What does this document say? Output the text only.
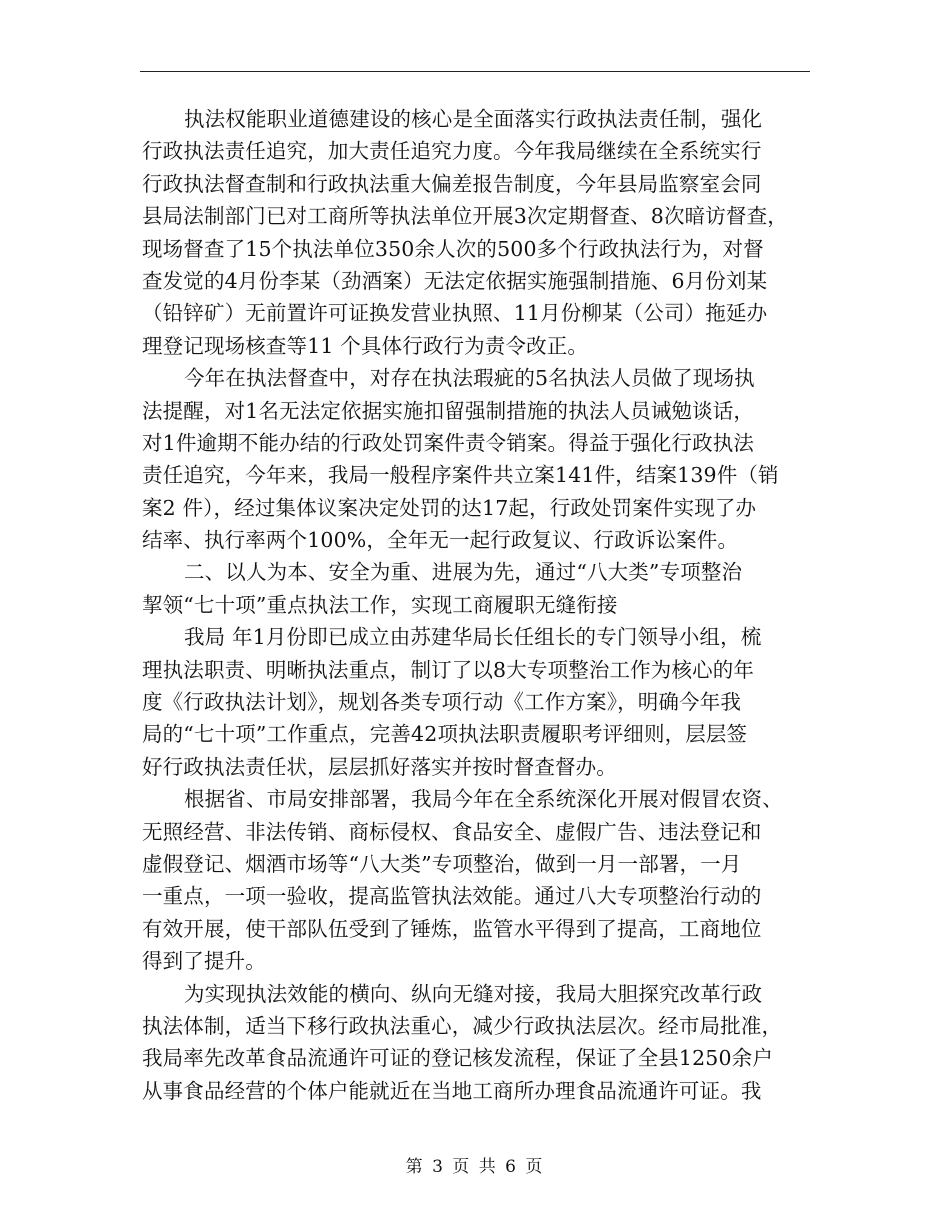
执法权能职业道德建设的核心是全面落实行政执法责任制，强化
行政执法责任追究，加大责任追究力度。今年我局继续在全系统实行
行政执法督查制和行政执法重大偏差报告制度，今年县局监察室会同
县局法制部门已对工商所等执法单位开展3次定期督查、8次暗访督查，
现场督查了15个执法单位350余人次的500多个行政执法行为，对督
查发觉的4月份李某（劲酒案）无法定依据实施强制措施、6月份刘某
（铅锌矿）无前置许可证换发营业执照、11月份柳某（公司）拖延办
理登记现场核查等11 个具体行政行为责令改正。
今年在执法督查中，对存在执法瑕疵的5名执法人员做了现场执
法提醒，对1名无法定依据实施扣留强制措施的执法人员诫勉谈话，
对1件逾期不能办结的行政处罚案件责令销案。得益于强化行政执法
责任追究，今年来，我局一般程序案件共立案141件，结案139件（销
案2 件），经过集体议案决定处罚的达17起，行政处罚案件实现了办
结率、执行率两个100%，全年无一起行政复议、行政诉讼案件。
二、以人为本、安全为重、进展为先，通过“八大类”专项整治
挈领“七十项”重点执法工作，实现工商履职无缝衔接
我局 年1月份即已成立由苏建华局长任组长的专门领导小组，梳
理执法职责、明晰执法重点，制订了以8大专项整治工作为核心的年
度《行政执法计划》，规划各类专项行动《工作方案》，明确今年我
局的“七十项”工作重点，完善42项执法职责履职考评细则，层层签
好行政执法责任状，层层抓好落实并按时督查督办。
根据省、市局安排部署，我局今年在全系统深化开展对假冒农资、
无照经营、非法传销、商标侵权、食品安全、虚假广告、违法登记和
虚假登记、烟酒市场等“八大类”专项整治，做到一月一部署，一月
一重点，一项一验收，提高监管执法效能。通过八大专项整治行动的
有效开展，使干部队伍受到了锤炼，监管水平得到了提高，工商地位
得到了提升。
为实现执法效能的横向、纵向无缝对接，我局大胆探究改革行政
执法体制，适当下移行政执法重心，减少行政执法层次。经市局批准，
我局率先改革食品流通许可证的登记核发流程，保证了全县1250余户
从事食品经营的个体户能就近在当地工商所办理食品流通许可证。我
第 3 页 共 6 页
